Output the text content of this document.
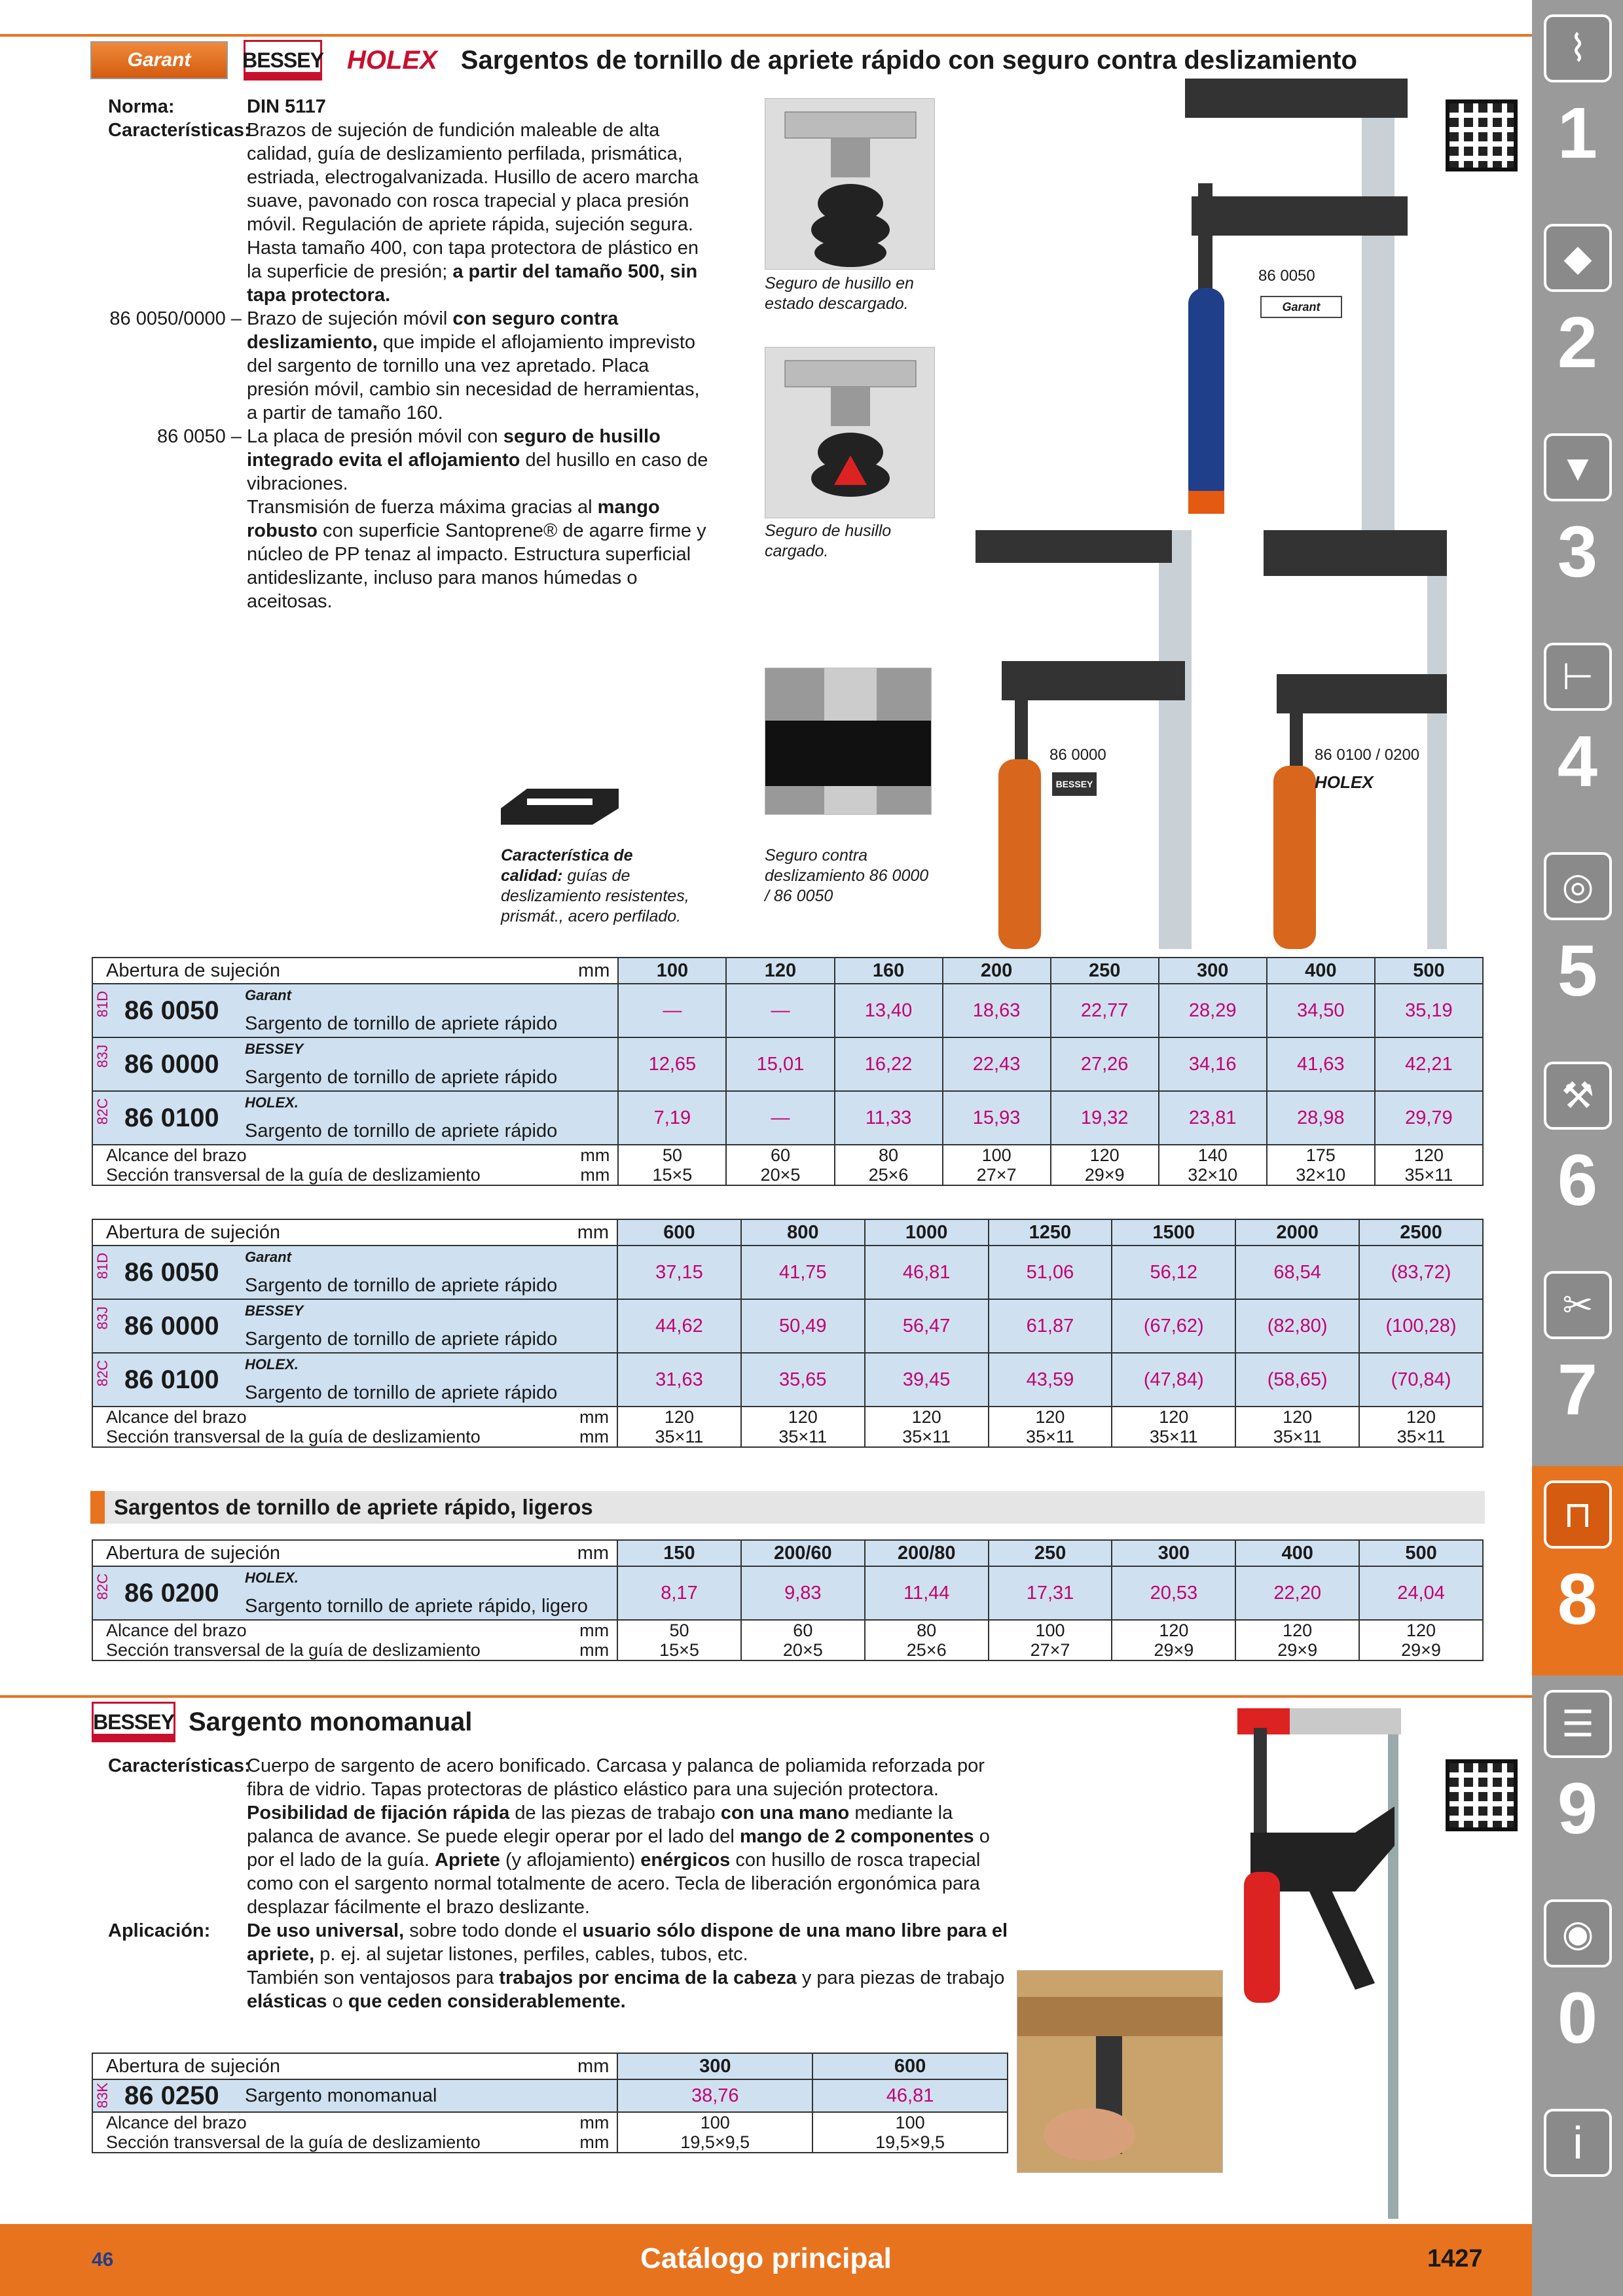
Garant BESSEY HOLEX Sargentos de tornillo de apriete rápido con seguro contra deslizamiento
Norma:	DIN 5117
Características:
Brazos de sujeción de fundición maleable de alta calidad, guía de deslizamiento perfilada, prismática, estriada, electrogalvanizada. Husillo de acero marcha suave, pavonado con rosca trapecial y placa presión móvil. Regulación de apriete rápida, sujeción segura. Hasta tamaño 400, con tapa protectora de plástico en la superficie de presión; a partir del tamaño 500, sin tapa protectora.
86 0050/0000 – Brazo de sujeción móvil con seguro contra deslizamiento, que impide el aflojamiento imprevisto del sargento de tornillo una vez apretado. Placa presión móvil, cambio sin necesidad de herramientas, a partir de tamaño 160.
86 0050 – La placa de presión móvil con seguro de husillo integrado evita el aflojamiento del husillo en caso de vibraciones.
Transmisión de fuerza máxima gracias al mango robusto con superficie Santoprene® de agarre firme y núcleo de PP tenaz al impacto. Estructura superficial antideslizante, incluso para manos húmedas o aceitosas.
Seguro de husillo en estado descargado.
Seguro de husillo cargado.
Seguro contra deslizamiento 86 0000 / 86 0050
Característica de calidad: guías de deslizamiento resistentes, prismát., acero perfilado.
86 0050
Garant
86 0000
BESSEY
86 0100 / 0200
HOLEX
Abertura de sujeción mm	100	120	160	200	250	300	400	500

81D 86 0050
Garant
Sargento de tornillo de apriete rápido	—	—	13,40	18,63	22,77	28,29	34,50	35,19

83J 86 0000
BESSEY
Sargento de tornillo de apriete rápido	12,65	15,01	16,22	22,43	27,26	34,16	41,63	42,21

82C 86 0100
HOLEX.
Sargento de tornillo de apriete rápido	7,19	—	11,33	15,93	19,32	23,81	28,98	29,79
Alcance del brazo mm	50	60	80	100	120	140	175	120
Sección transversal de la guía de deslizamiento mm	15×5	20×5	25×6	27×7	29×9	32×10	32×10	35×11
Abertura de sujeción mm	600	800	1000	1250	1500	2000	2500

81D 86 0050
Garant
Sargento de tornillo de apriete rápido	37,15	41,75	46,81	51,06	56,12	68,54	(83,72)

83J 86 0000
BESSEY
Sargento de tornillo de apriete rápido	44,62	50,49	56,47	61,87	(67,62)	(82,80)	(100,28)

82C 86 0100
HOLEX.
Sargento de tornillo de apriete rápido	31,63	35,65	39,45	43,59	(47,84)	(58,65)	(70,84)
Alcance del brazo mm	120	120	120	120	120	120	120
Sección transversal de la guía de deslizamiento mm	35×11	35×11	35×11	35×11	35×11	35×11	35×11
Sargentos de tornillo de apriete rápido, ligeros
Abertura de sujeción mm	150	200/60	200/80	250	300	400	500

82C 86 0200
HOLEX.
Sargento tornillo de apriete rápido, ligero	8,17	9,83	11,44	17,31	20,53	22,20	24,04
Alcance del brazo mm	50	60	80	100	120	120	120
Sección transversal de la guía de deslizamiento mm	15×5	20×5	25×6	27×7	29×9	29×9	29×9
BESSEY Sargento monomanual
Características:
Cuerpo de sargento de acero bonificado. Carcasa y palanca de poliamida reforzada por fibra de vidrio. Tapas protectoras de plástico elástico para una sujeción protectora. Posibilidad de fijación rápida de las piezas de trabajo con una mano mediante la palanca de avance. Se puede elegir operar por el lado del mango de 2 componentes o por el lado de la guía. Apriete (y aflojamiento) enérgicos con husillo de rosca trapecial como con el sargento normal totalmente de acero. Tecla de liberación ergonómica para desplazar fácilmente el brazo deslizante.
Aplicación:	De uso universal, sobre todo donde el usuario sólo dispone de una mano libre para el apriete, p. ej. al sujetar listones, perfiles, cables, tubos, etc.
También son ventajosos para trabajos por encima de la cabeza y para piezas de trabajo elásticas o que ceden considerablemente.
Abertura de sujeción mm	300	600

83K 86 0250 Sargento monomanual	38,76	46,81
Alcance del brazo mm	100	100
Sección transversal de la guía de deslizamiento mm	19,5×9,5	19,5×9,5
46	Catálogo principal	1427
⌇
1
◆
2
▼
3
⊢
4
◎
5
⚒
6
✂
7
⊓
8
☰
9
◉
0
i
